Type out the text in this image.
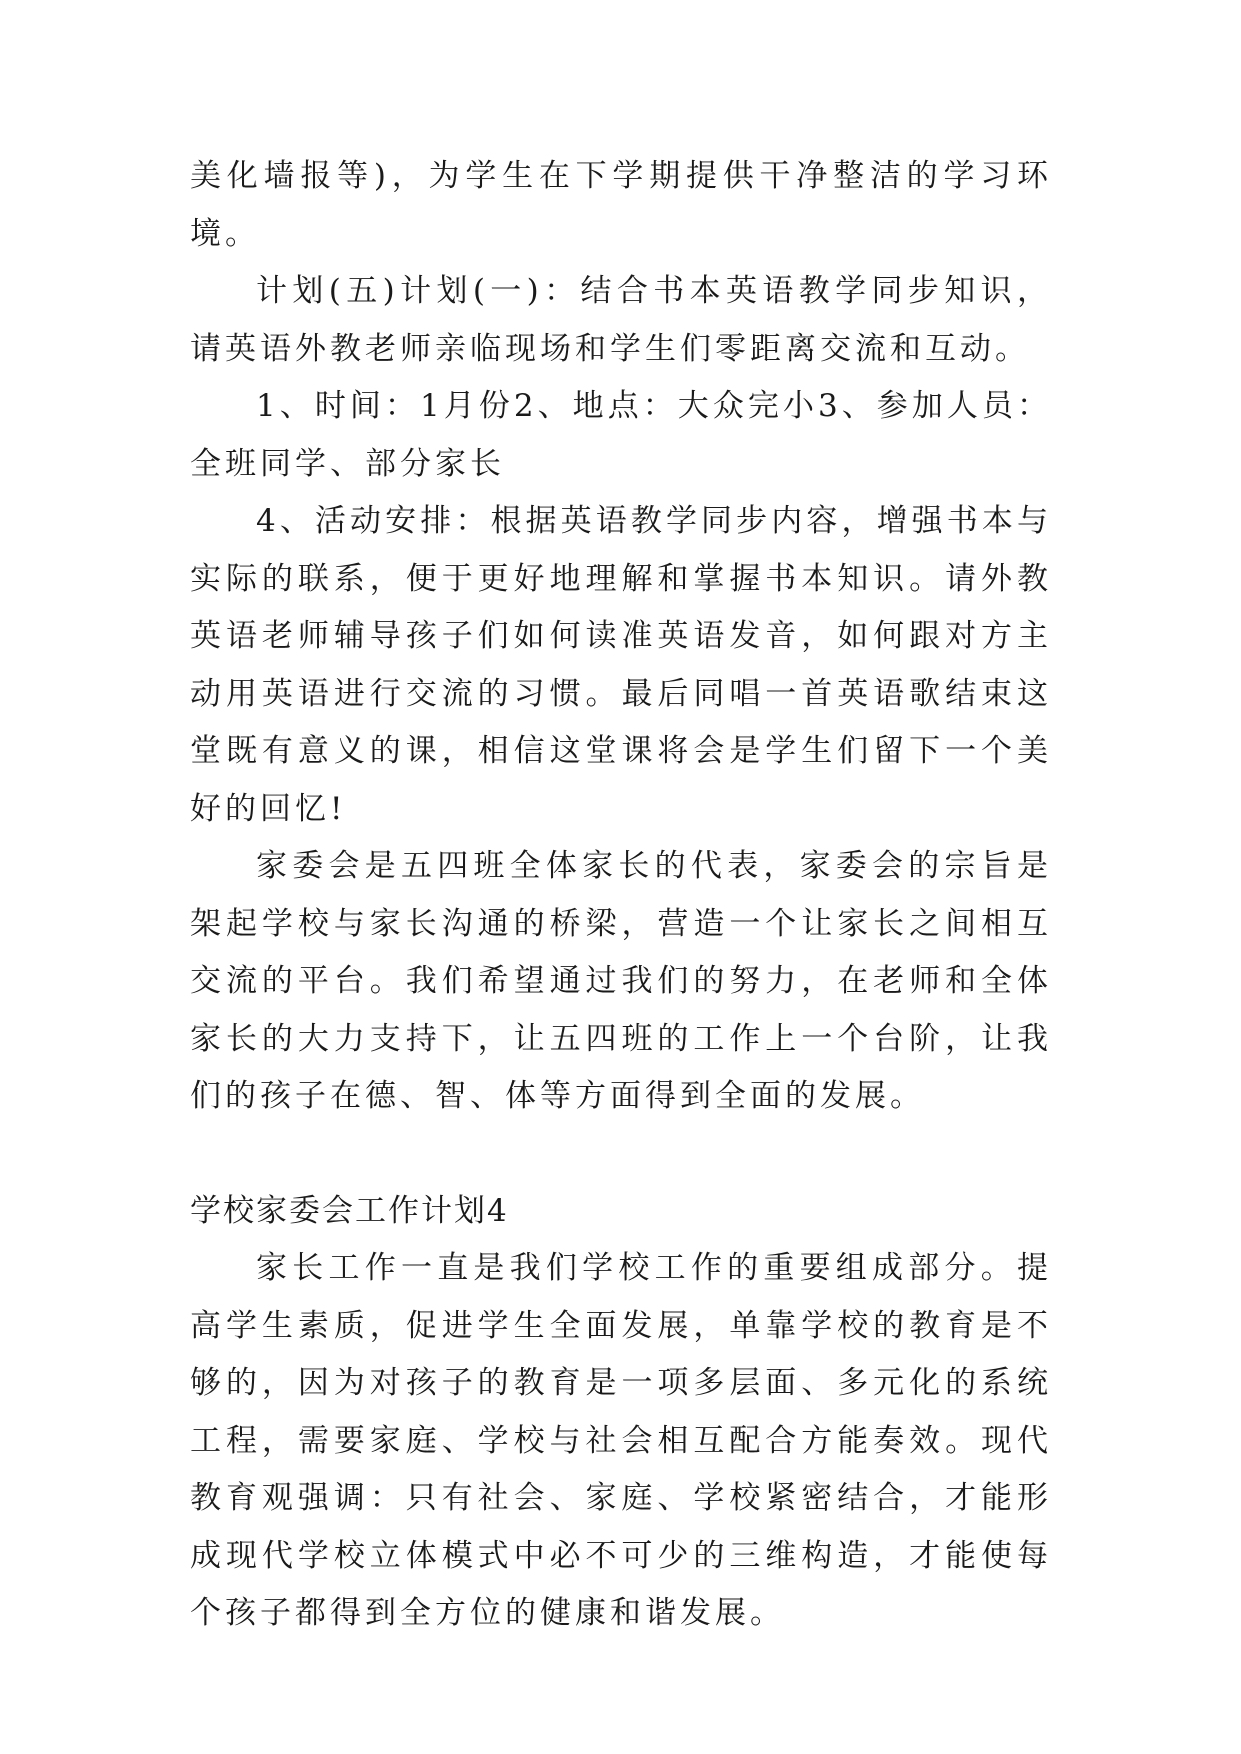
美化墙报等)，为学生在下学期提供干净整洁的学习环境。

计划(五)计划(一)：结合书本英语教学同步知识，请英语外教老师亲临现场和学生们零距离交流和互动。

1、时间：1月份2、地点：大众完小3、参加人员：全班同学、部分家长

4、活动安排：根据英语教学同步内容，增强书本与实际的联系，便于更好地理解和掌握书本知识。请外教英语老师辅导孩子们如何读准英语发音，如何跟对方主动用英语进行交流的习惯。最后同唱一首英语歌结束这堂既有意义的课，相信这堂课将会是学生们留下一个美好的回忆!

家委会是五四班全体家长的代表，家委会的宗旨是架起学校与家长沟通的桥梁，营造一个让家长之间相互交流的平台。我们希望通过我们的努力，在老师和全体家长的大力支持下，让五四班的工作上一个台阶，让我们的孩子在德、智、体等方面得到全面的发展。

学校家委会工作计划4

家长工作一直是我们学校工作的重要组成部分。提高学生素质，促进学生全面发展，单靠学校的教育是不够的，因为对孩子的教育是一项多层面、多元化的系统工程，需要家庭、学校与社会相互配合方能奏效。现代教育观强调：只有社会、家庭、学校紧密结合，才能形成现代学校立体模式中必不可少的三维构造，才能使每个孩子都得到全方位的健康和谐发展。
